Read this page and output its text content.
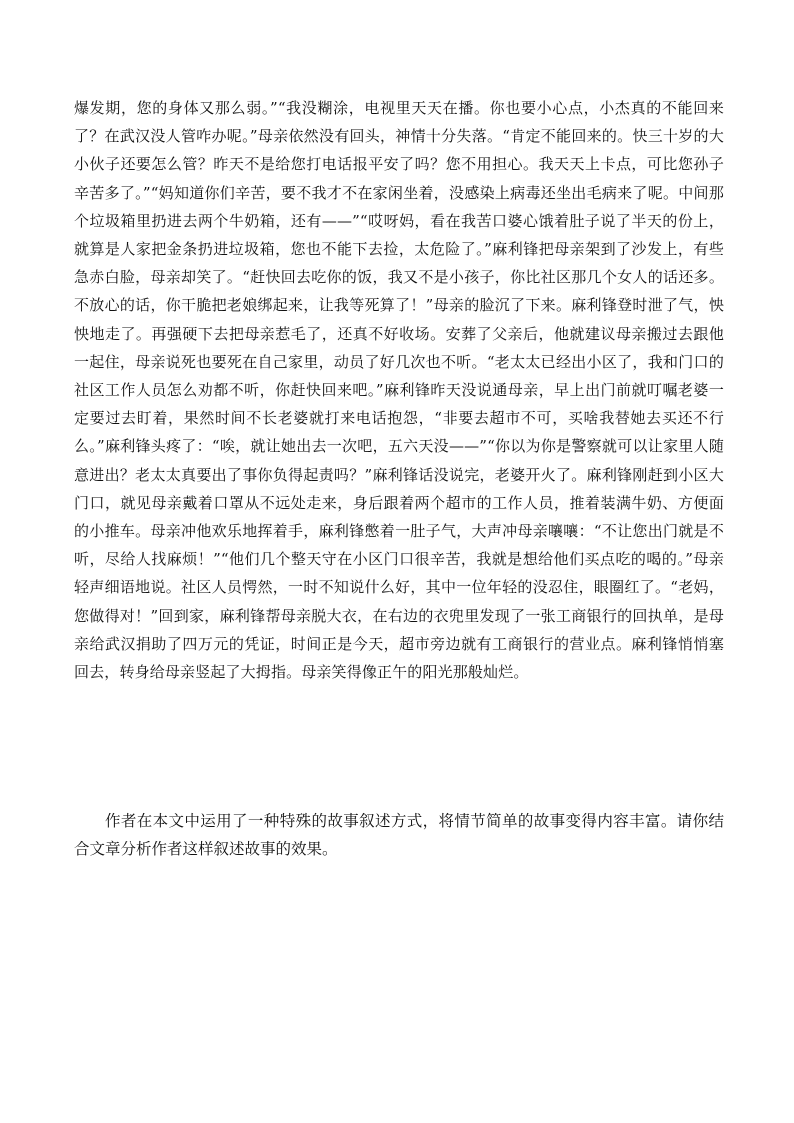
爆发期，您的身体又那么弱。”“我没糊涂，电视里天天在播。你也要小心点，小杰真的不能回来了？在武汉没人管咋办呢。”母亲依然没有回头，神情十分失落。“肯定不能回来的。快三十岁的大小伙子还要怎么管？昨天不是给您打电话报平安了吗？您不用担心。我天天上卡点，可比您孙子辛苦多了。”“妈知道你们辛苦，要不我才不在家闲坐着，没感染上病毒还坐出毛病来了呢。中间那个垃圾箱里扔进去两个牛奶箱，还有——”“哎呀妈，看在我苦口婆心饿着肚子说了半天的份上，就算是人家把金条扔进垃圾箱，您也不能下去捡，太危险了。”麻利锋把母亲架到了沙发上，有些急赤白脸，母亲却笑了。“赶快回去吃你的饭，我又不是小孩子，你比社区那几个女人的话还多。不放心的话，你干脆把老娘绑起来，让我等死算了！”母亲的脸沉了下来。麻利锋登时泄了气，怏怏地走了。再强硬下去把母亲惹毛了，还真不好收场。安葬了父亲后，他就建议母亲搬过去跟他一起住，母亲说死也要死在自己家里，动员了好几次也不听。“老太太已经出小区了，我和门口的社区工作人员怎么劝都不听，你赶快回来吧。”麻利锋昨天没说通母亲，早上出门前就叮嘱老婆一定要过去盯着，果然时间不长老婆就打来电话抱怨，“非要去超市不可，买啥我替她去买还不行么。”麻利锋头疼了：“唉，就让她出去一次吧，五六天没——”“你以为你是警察就可以让家里人随意进出？老太太真要出了事你负得起责吗？”麻利锋话没说完，老婆开火了。麻利锋刚赶到小区大门口，就见母亲戴着口罩从不远处走来，身后跟着两个超市的工作人员，推着装满牛奶、方便面的小推车。母亲冲他欢乐地挥着手，麻利锋憋着一肚子气，大声冲母亲嚷嚷：“不让您出门就是不听，尽给人找麻烦！”“他们几个整天守在小区门口很辛苦，我就是想给他们买点吃的喝的。”母亲轻声细语地说。社区人员愕然，一时不知说什么好，其中一位年轻的没忍住，眼圈红了。“老妈，您做得对！”回到家，麻利锋帮母亲脱大衣，在右边的衣兜里发现了一张工商银行的回执单，是母亲给武汉捐助了四万元的凭证，时间正是今天，超市旁边就有工商银行的营业点。麻利锋悄悄塞回去，转身给母亲竖起了大拇指。母亲笑得像正午的阳光那般灿烂。

作者在本文中运用了一种特殊的故事叙述方式，将情节简单的故事变得内容丰富。请你结合文章分析作者这样叙述故事的效果。
